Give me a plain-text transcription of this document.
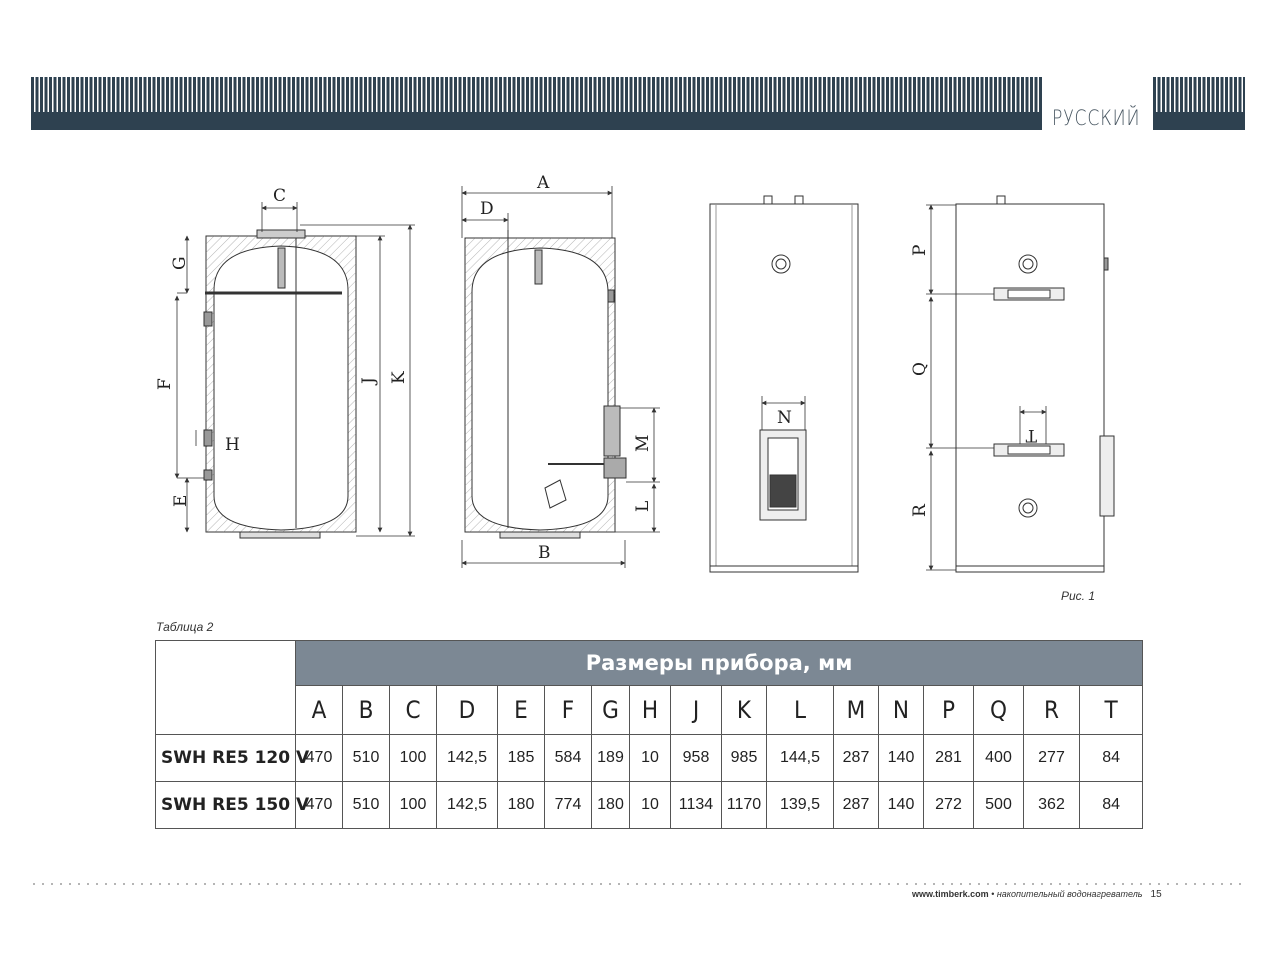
РУССКИЙ
A
B
C
D
E
F
G
H
J K
L
M
N
P
Q
R
T
Рис. 1
Таблица 2
	Размеры прибора, мм																
	A	B	C	D	E	F	G	H	J	K	L	M	N	P	Q	R	T
SWH RE5 120 V	470	510	100	142,5	185	584	189	10	958	985	144,5	287	140	281	400	277	84
SWH RE5 150 V	470	510	100	142,5	180	774	180	10	1134	1170	139,5	287	140	272	500	362	84
www.timberk.com • накопительный водонагреватель 15
